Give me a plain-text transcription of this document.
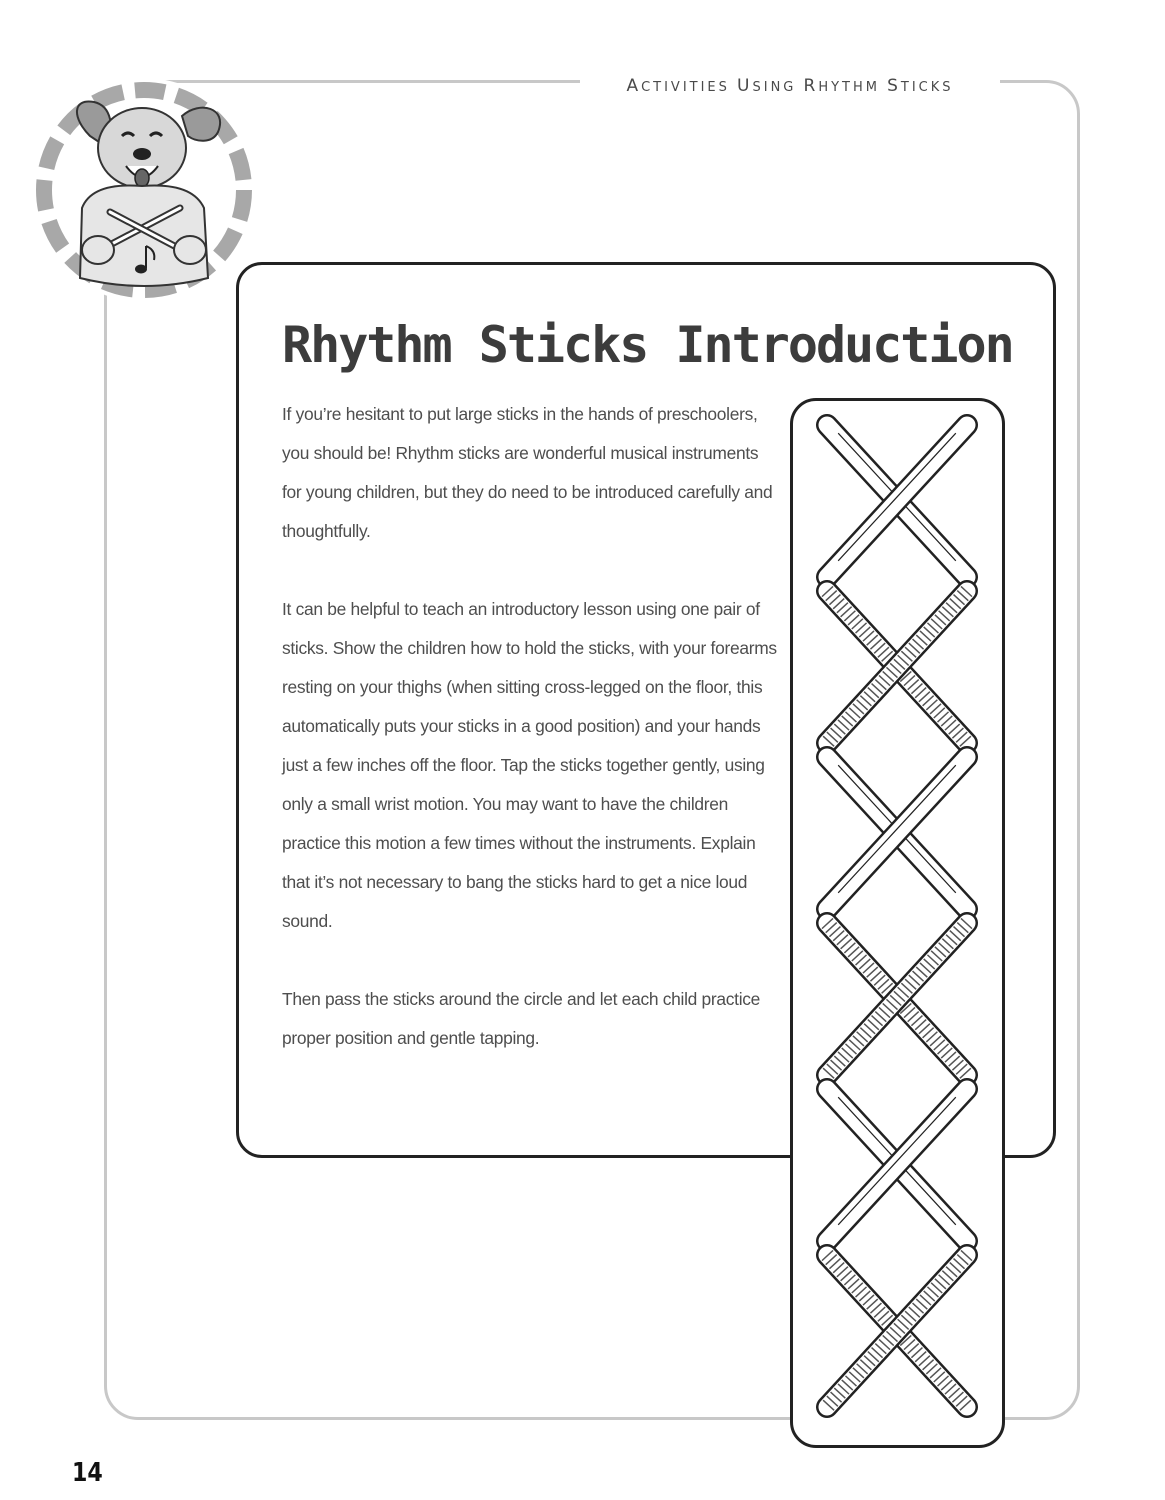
ACTIVITIES USING RHYTHM STICKS
Rhythm Sticks Introduction

If you’re hesitant to put large sticks in the hands of preschoolers, you should be! Rhythm sticks are wonderful musical instruments for young children, but they do need to be introduced carefully and thoughtfully.

It can be helpful to teach an introductory lesson using one pair of sticks. Show the children how to hold the sticks, with your forearms resting on your thighs (when sitting cross-legged on the floor, this automatically puts your sticks in a good position) and your hands just a few inches off the floor. Tap the sticks together gently, using only a small wrist motion. You may want to have the children practice this motion a few times without the instruments. Explain that it’s not necessary to bang the sticks hard to get a nice loud sound.

Then pass the sticks around the circle and let each child practice proper position and gentle tapping.

14
